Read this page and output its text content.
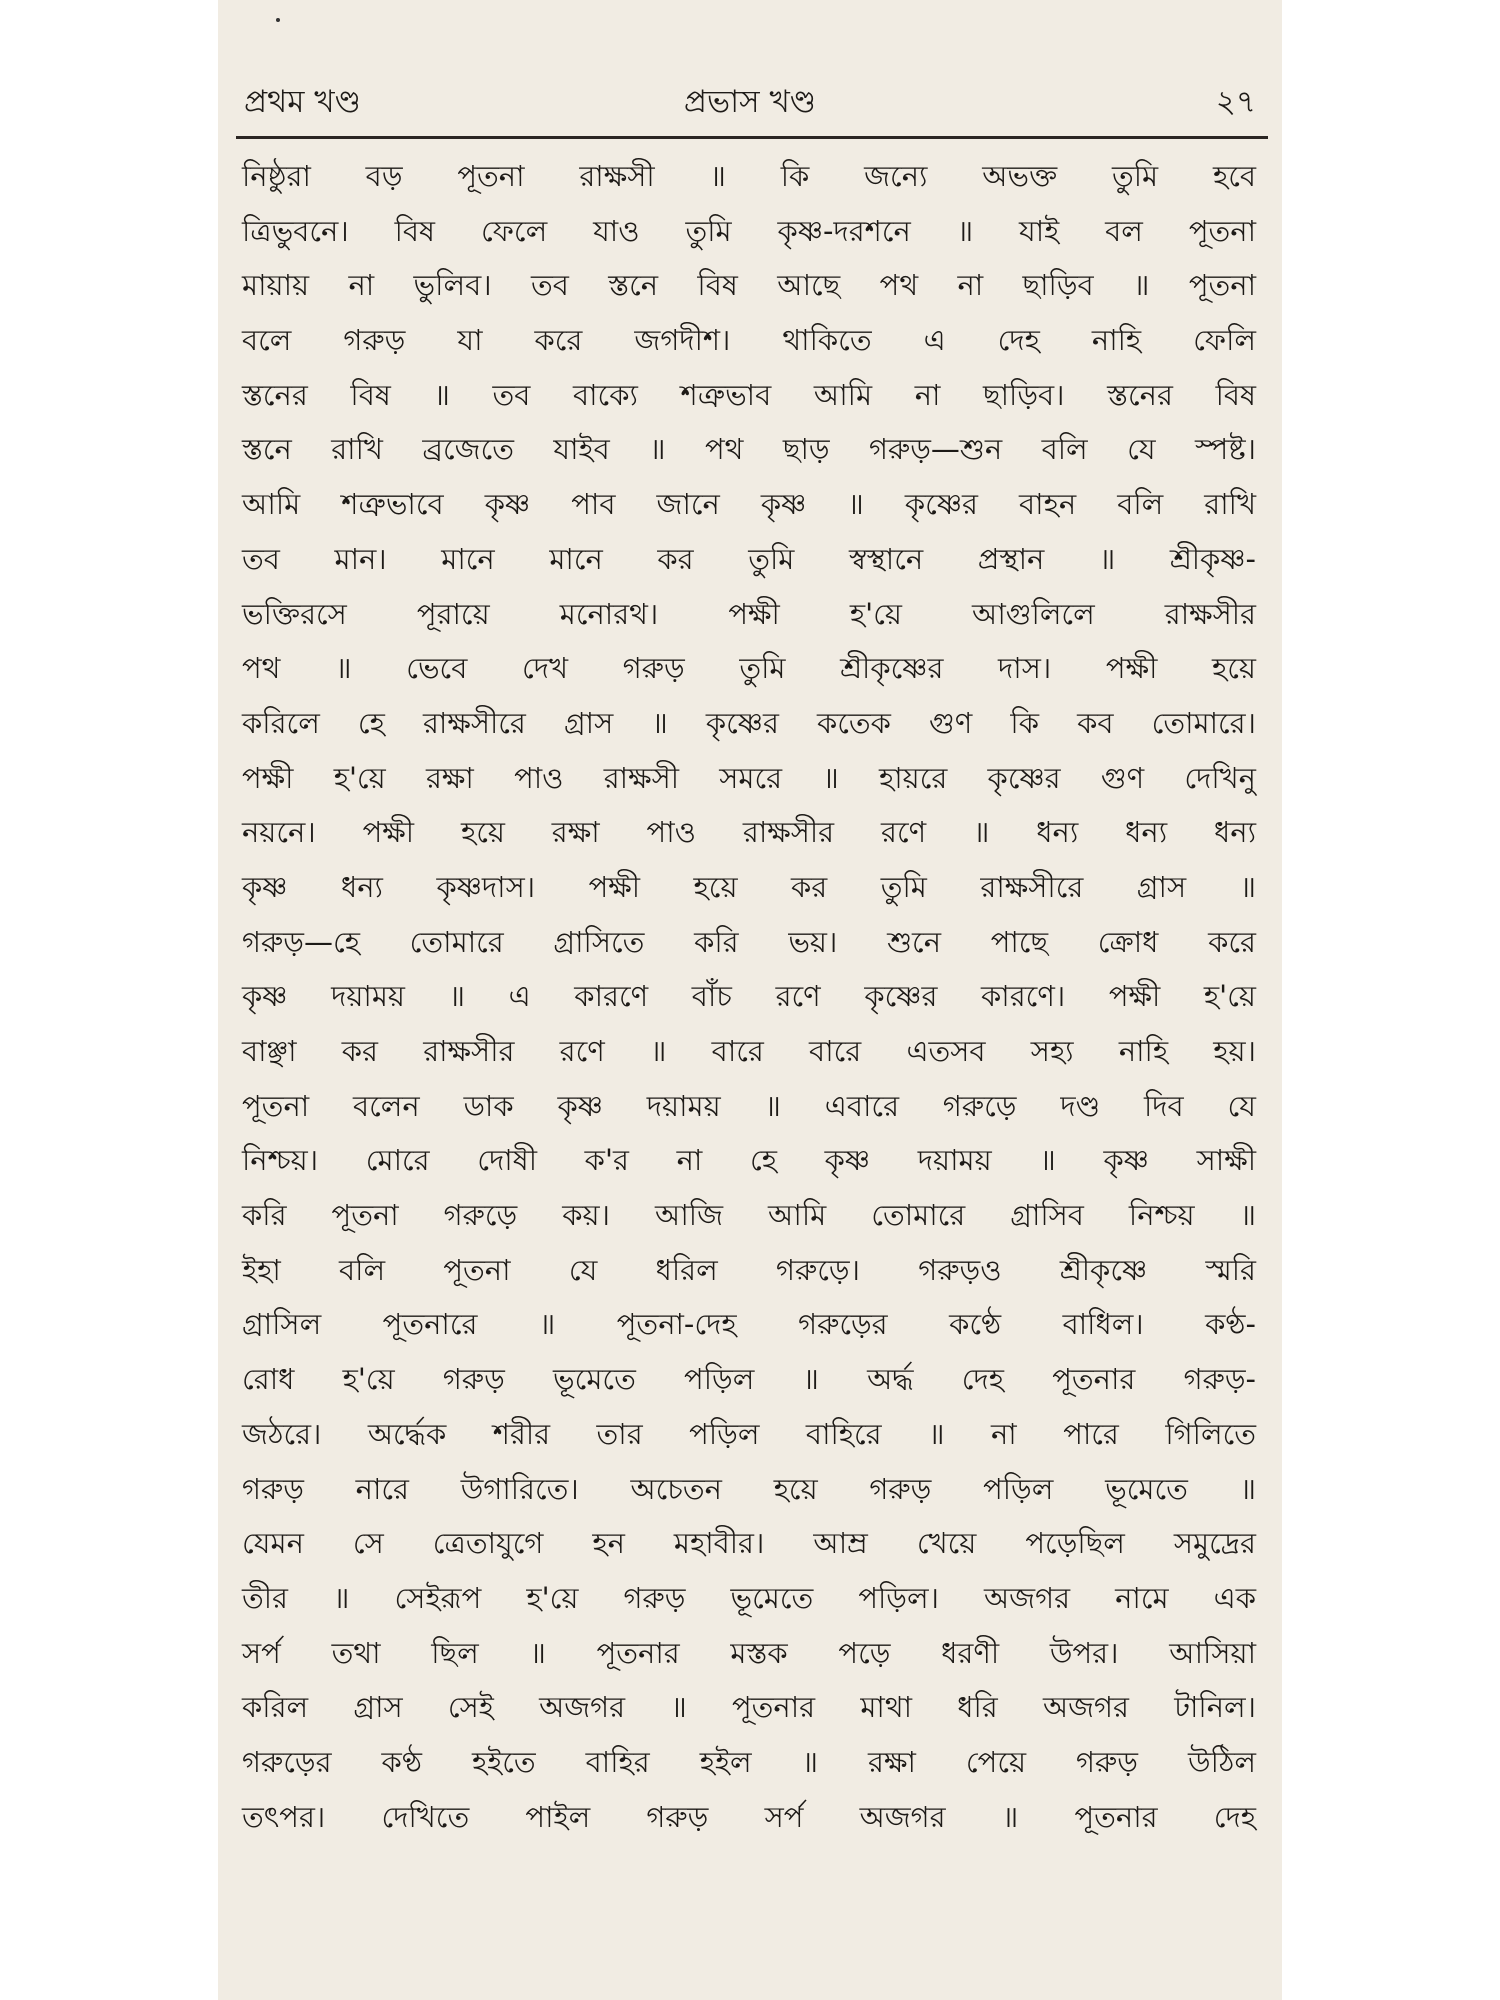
প্রথম খণ্ড	প্রভাস খণ্ড	২৭
নিষ্ঠুরা বড় পূতনা রাক্ষসী ॥ কি জন্যে অভক্ত তুমি হবে
ত্রিভুবনে। বিষ ফেলে যাও তুমি কৃষ্ণ-দরশনে ॥ যাই বল পূতনা
মায়ায় না ভুলিব। তব স্তনে বিষ আছে পথ না ছাড়িব ॥ পূতনা
বলে গরুড় যা করে জগদীশ। থাকিতে এ দেহ নাহি ফেলি
স্তনের বিষ ॥ তব বাক্যে শত্রুভাব আমি না ছাড়িব। স্তনের বিষ
স্তনে রাখি ব্রজেতে যাইব ॥ পথ ছাড় গরুড়—শুন বলি যে স্পষ্ট।
আমি শত্রুভাবে কৃষ্ণ পাব জানে কৃষ্ণ ॥ কৃষ্ণের বাহন বলি রাখি
তব মান। মানে মানে কর তুমি স্বস্থানে প্রস্থান ॥ শ্রীকৃষ্ণ-
ভক্তিরসে পূরায়ে মনোরথ। পক্ষী হ'য়ে আগুলিলে রাক্ষসীর
পথ ॥ ভেবে দেখ গরুড় তুমি শ্রীকৃষ্ণের দাস। পক্ষী হয়ে
করিলে হে রাক্ষসীরে গ্রাস ॥ কৃষ্ণের কতেক গুণ কি কব তোমারে।
পক্ষী হ'য়ে রক্ষা পাও রাক্ষসী সমরে ॥ হায়রে কৃষ্ণের গুণ দেখিনু
নয়নে। পক্ষী হয়ে রক্ষা পাও রাক্ষসীর রণে ॥ ধন্য ধন্য ধন্য
কৃষ্ণ ধন্য কৃষ্ণদাস। পক্ষী হয়ে কর তুমি রাক্ষসীরে গ্রাস ॥
গরুড়—হে তোমারে গ্রাসিতে করি ভয়। শুনে পাছে ক্রোধ করে
কৃষ্ণ দয়াময় ॥ এ কারণে বাঁচ রণে কৃষ্ণের কারণে। পক্ষী হ'য়ে
বাঞ্ছা কর রাক্ষসীর রণে ॥ বারে বারে এতসব সহ্য নাহি হয়।
পূতনা বলেন ডাক কৃষ্ণ দয়াময় ॥ এবারে গরুড়ে দণ্ড দিব যে
নিশ্চয়। মোরে দোষী ক'র না হে কৃষ্ণ দয়াময় ॥ কৃষ্ণ সাক্ষী
করি পূতনা গরুড়ে কয়। আজি আমি তোমারে গ্রাসিব নিশ্চয় ॥
ইহা বলি পূতনা যে ধরিল গরুড়ে। গরুড়ও শ্রীকৃষ্ণে স্মরি
গ্রাসিল পূতনারে ॥ পূতনা-দেহ গরুড়ের কণ্ঠে বাধিল। কণ্ঠ-
রোধ হ'য়ে গরুড় ভূমেতে পড়িল ॥ অর্দ্ধ দেহ পূতনার গরুড়-
জঠরে। অর্দ্ধেক শরীর তার পড়িল বাহিরে ॥ না পারে গিলিতে
গরুড় নারে উগারিতে। অচেতন হয়ে গরুড় পড়িল ভূমেতে ॥
যেমন সে ত্রেতাযুগে হন মহাবীর। আম্র খেয়ে পড়েছিল সমুদ্রের
তীর ॥ সেইরূপ হ'য়ে গরুড় ভূমেতে পড়িল। অজগর নামে এক
সর্প তথা ছিল ॥ পূতনার মস্তক পড়ে ধরণী উপর। আসিয়া
করিল গ্রাস সেই অজগর ॥ পূতনার মাথা ধরি অজগর টানিল।
গরুড়ের কণ্ঠ হইতে বাহির হইল ॥ রক্ষা পেয়ে গরুড় উঠিল
তৎপর। দেখিতে পাইল গরুড় সর্প অজগর ॥ পূতনার দেহ
